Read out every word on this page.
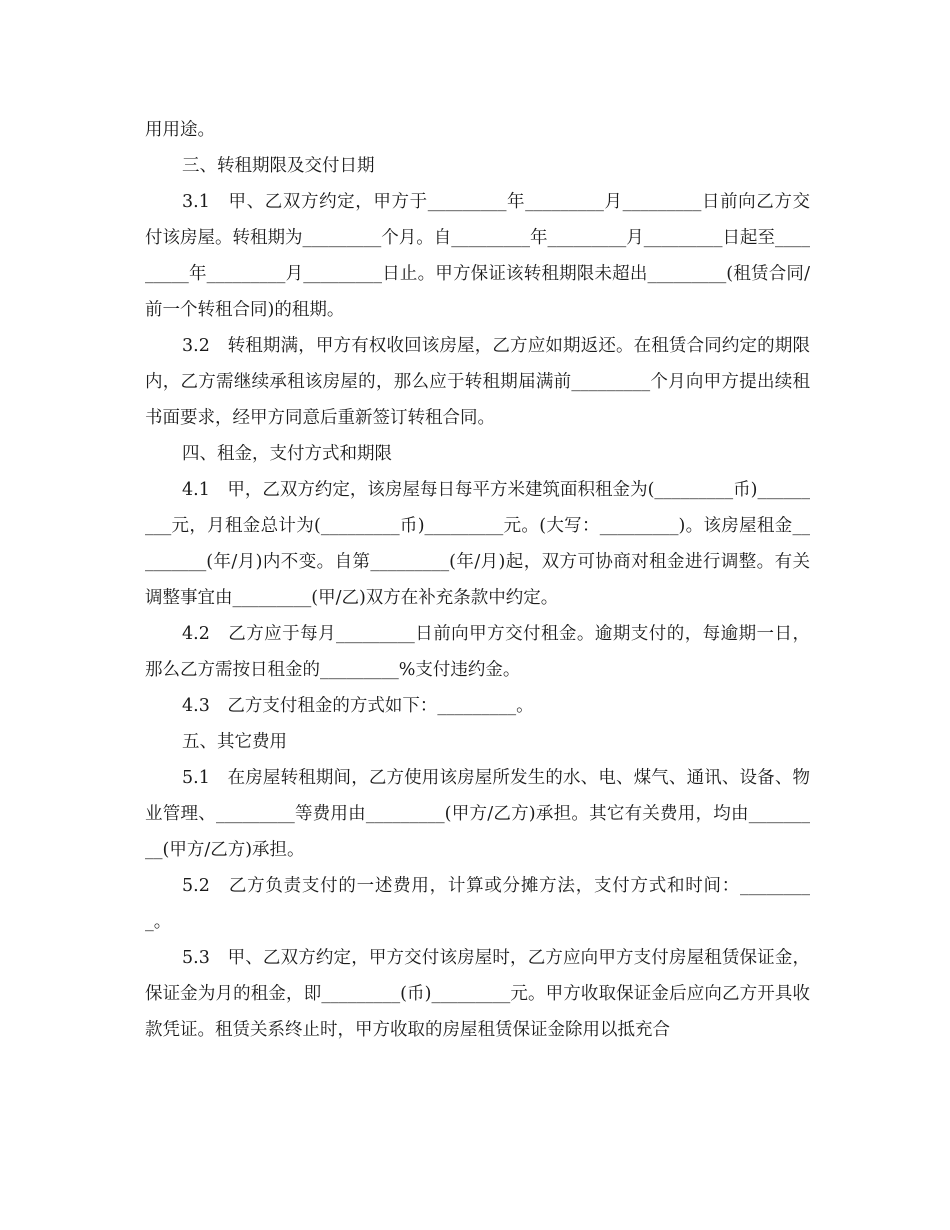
用用途。

三、转租期限及交付日期

3.1　甲、乙双方约定，甲方于_________年_________月_________日前向乙方交付该房屋。转租期为_________个月。自_________年_________月_________日起至_________年_________月_________日止。甲方保证该转租期限未超出_________(租赁合同/前一个转租合同)的租期。

3.2　转租期满，甲方有权收回该房屋，乙方应如期返还。在租赁合同约定的期限内，乙方需继续承租该房屋的，那么应于转租期届满前_________个月向甲方提出续租书面要求，经甲方同意后重新签订转租合同。

四、租金，支付方式和期限

4.1　甲，乙双方约定，该房屋每日每平方米建筑面积租金为(_________币)_________元，月租金总计为(_________币)_________元。(大写：_________)。该房屋租金_________(年/月)内不变。自第_________(年/月)起，双方可协商对租金进行调整。有关调整事宜由_________(甲/乙)双方在补充条款中约定。

4.2　乙方应于每月_________日前向甲方交付租金。逾期支付的，每逾期一日，那么乙方需按日租金的_________%支付违约金。

4.3　乙方支付租金的方式如下：_________。

五、其它费用

5.1　在房屋转租期间，乙方使用该房屋所发生的水、电、煤气、通讯、设备、物业管理、_________等费用由_________(甲方/乙方)承担。其它有关费用，均由_________(甲方/乙方)承担。

5.2　乙方负责支付的一述费用，计算或分摊方法，支付方式和时间：_________。

5.3　甲、乙双方约定，甲方交付该房屋时，乙方应向甲方支付房屋租赁保证金，保证金为月的租金，即_________(币)_________元。甲方收取保证金后应向乙方开具收款凭证。租赁关系终止时，甲方收取的房屋租赁保证金除用以抵充合
